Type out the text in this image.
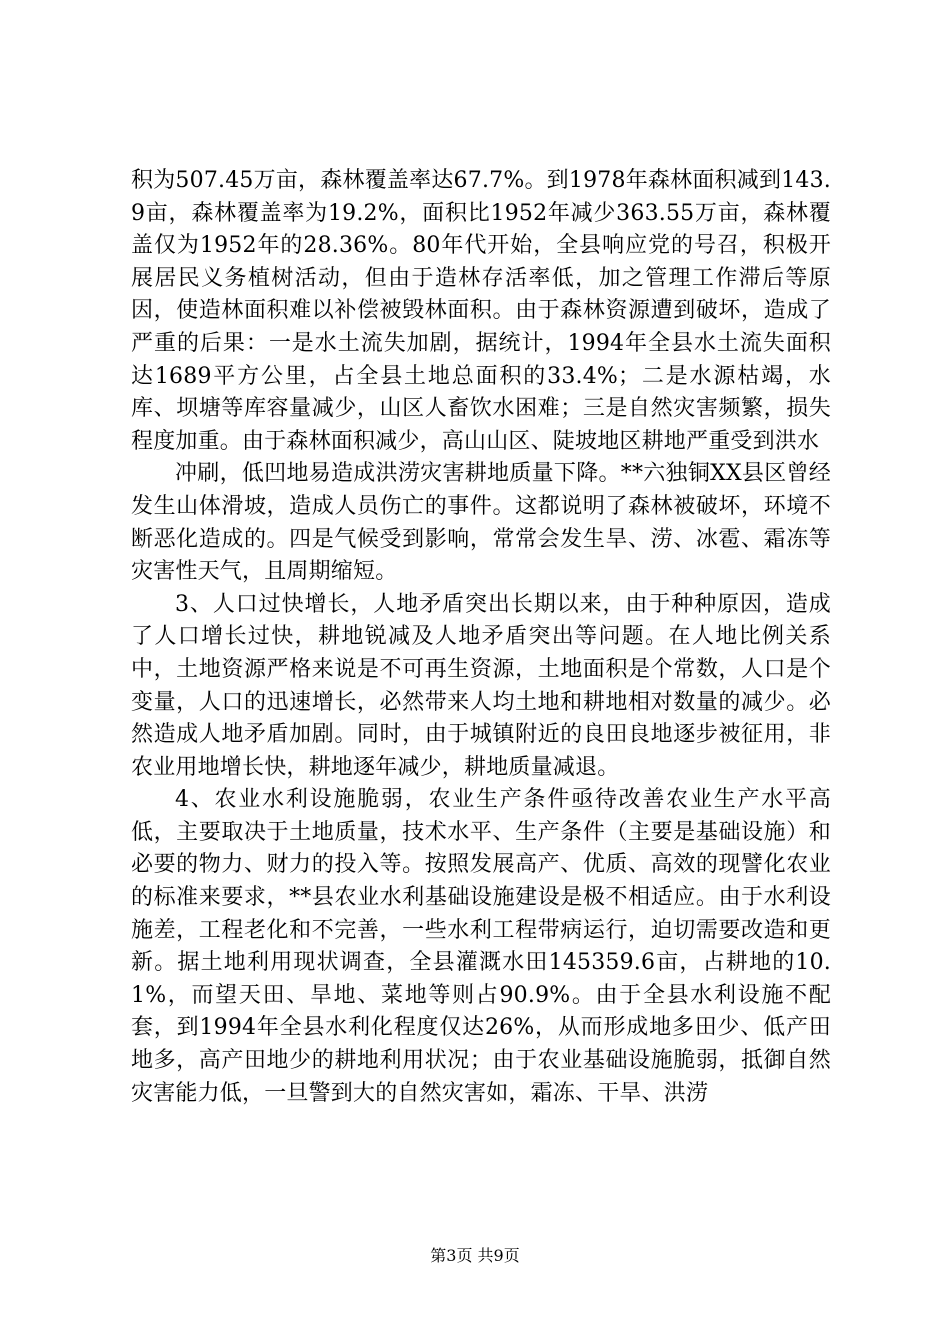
积为507.45万亩，森林覆盖率达67.7%。到1978年森林面积减到143.9亩，森林覆盖率为19.2%，面积比1952年减少363.55万亩，森林覆盖仅为1952年的28.36%。80年代开始，全县响应党的号召，积极开展居民义务植树活动，但由于造林存活率低，加之管理工作滞后等原因，使造林面积难以补偿被毁林面积。由于森林资源遭到破坏，造成了严重的后果：一是水土流失加剧，据统计，1994年全县水土流失面积达1689平方公里，占全县土地总面积的33.4%；二是水源枯竭，水库、坝塘等库容量减少，山区人畜饮水困难；三是自然灾害频繁，损失程度加重。由于森林面积减少，高山山区、陡坡地区耕地严重受到洪水

冲刷，低凹地易造成洪涝灾害耕地质量下降。**六独铜XX县区曾经发生山体滑坡，造成人员伤亡的事件。这都说明了森林被破坏，环境不断恶化造成的。四是气候受到影响，常常会发生旱、涝、冰雹、霜冻等灾害性天气，且周期缩短。

3、人口过快增长，人地矛盾突出长期以来，由于种种原因，造成了人口增长过快，耕地锐减及人地矛盾突出等问题。在人地比例关系中，土地资源严格来说是不可再生资源，土地面积是个常数，人口是个变量，人口的迅速增长，必然带来人均土地和耕地相对数量的减少。必然造成人地矛盾加剧。同时，由于城镇附近的良田良地逐步被征用，非农业用地增长快，耕地逐年减少，耕地质量减退。

4、农业水利设施脆弱，农业生产条件亟待改善农业生产水平高低，主要取决于土地质量，技术水平、生产条件（主要是基础设施）和必要的物力、财力的投入等。按照发展高产、优质、高效的现譬化农业的标准来要求，**县农业水利基础设施建设是极不相适应。由于水利设施差，工程老化和不完善，一些水利工程带病运行，迫切需要改造和更新。据土地利用现状调查，全县灌溉水田145359.6亩，占耕地的10.1%，而望天田、旱地、菜地等则占90.9%。由于全县水利设施不配套，到1994年全县水利化程度仅达26%，从而形成地多田少、低产田地多，高产田地少的耕地利用状况；由于农业基础设施脆弱，抵御自然灾害能力低，一旦警到大的自然灾害如，霜冻、干旱、洪涝

第3页 共9页
